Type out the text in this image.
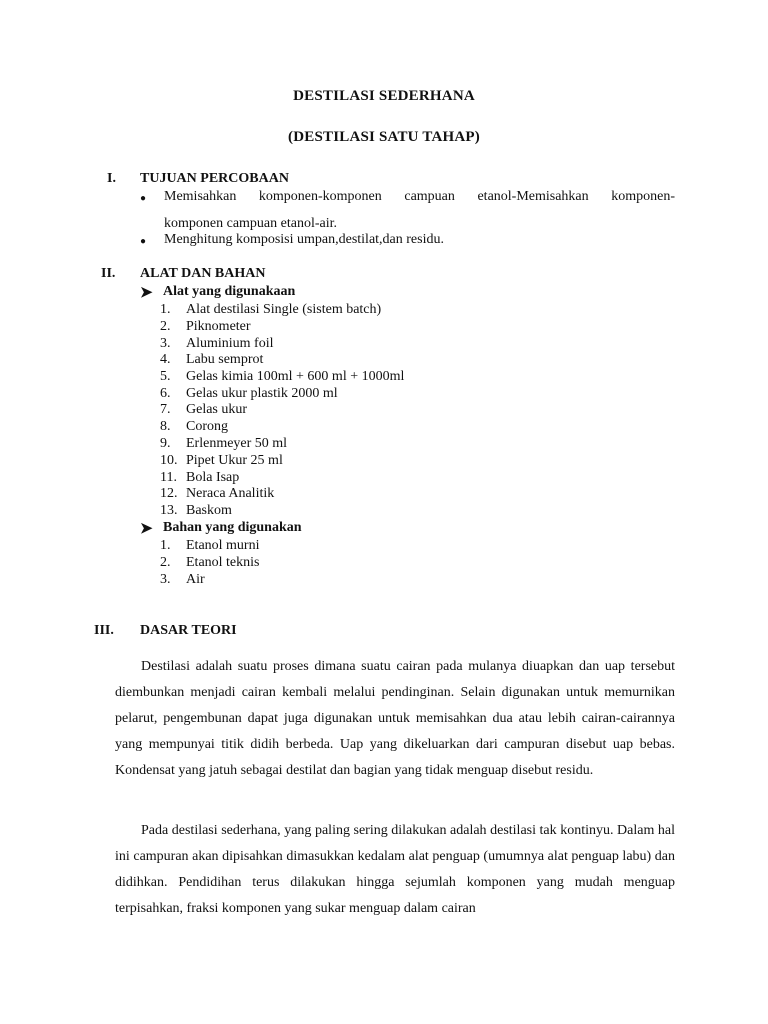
DESTILASI SEDERHANA
(DESTILASI SATU TAHAP)
I. TUJUAN PERCOBAAN
● Memisahkan komponen-komponen campuan etanol-Memisahkan komponen-
komponen campuan etanol-air.
● Menghitung komposisi umpan,destilat,dan residu.
II. ALAT DAN BAHAN
➤ Alat yang digunakaan
1. Alat destilasi Single (sistem batch)
2. Piknometer
3. Aluminium foil
4. Labu semprot
5. Gelas kimia 100ml + 600 ml + 1000ml
6. Gelas ukur plastik 2000 ml
7. Gelas ukur
8. Corong
9. Erlenmeyer 50 ml
10. Pipet Ukur 25 ml
11. Bola Isap
12. Neraca Analitik
13. Baskom
➤ Bahan yang digunakan
1. Etanol murni
2. Etanol teknis
3. Air
III. DASAR TEORI

Destilasi adalah suatu proses dimana suatu cairan pada mulanya diuapkan dan uap tersebut diembunkan menjadi cairan kembali melalui pendinginan. Selain digunakan untuk memurnikan pelarut, pengembunan dapat juga digunakan untuk memisahkan dua atau lebih cairan-cairannya yang mempunyai titik didih berbeda. Uap yang dikeluarkan dari campuran disebut uap bebas. Kondensat yang jatuh sebagai destilat dan bagian yang tidak menguap disebut residu.

Pada destilasi sederhana, yang paling sering dilakukan adalah destilasi tak kontinyu. Dalam hal ini campuran akan dipisahkan dimasukkan kedalam alat penguap (umumnya alat penguap labu) dan didihkan. Pendidihan terus dilakukan hingga sejumlah komponen yang mudah menguap terpisahkan, fraksi komponen yang sukar menguap dalam cairan
